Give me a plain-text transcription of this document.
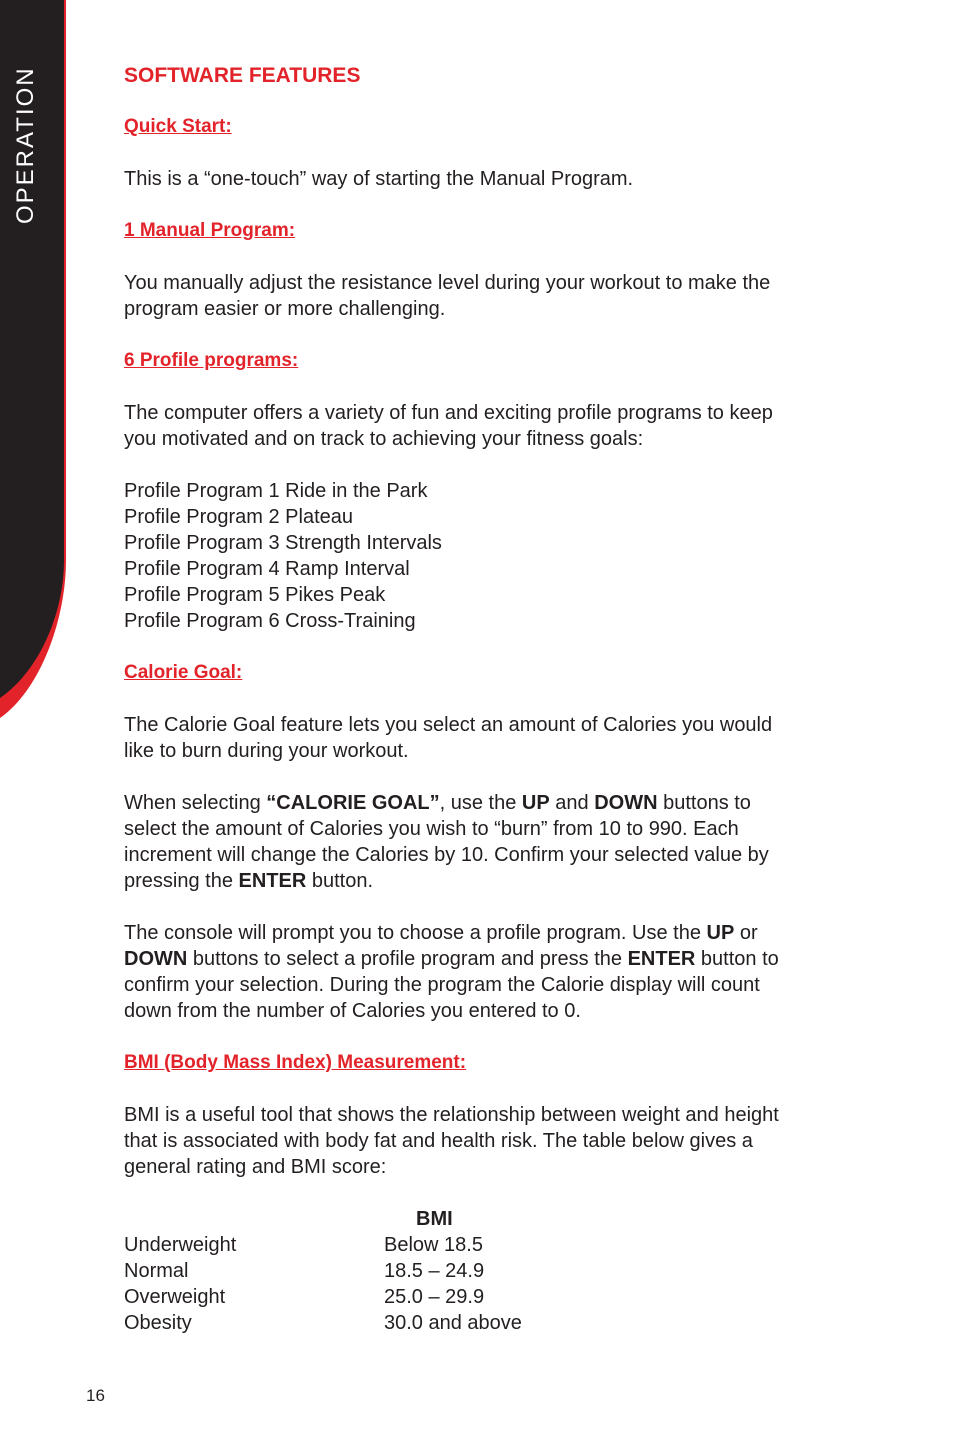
OPERATION	SOFTWARE FEATURES

Quick Start:

This is a “one-touch” way of starting the Manual Program.

1 Manual Program:

You manually adjust the resistance level during your workout to make the
program easier or more challenging.

6 Profile programs:

The computer offers a variety of fun and exciting profile programs to keep
you motivated and on track to achieving your fitness goals:

Profile Program 1 Ride in the Park
Profile Program 2 Plateau
Profile Program 3 Strength Intervals
Profile Program 4 Ramp Interval
Profile Program 5 Pikes Peak
Profile Program 6 Cross-Training

Calorie Goal:

The Calorie Goal feature lets you select an amount of Calories you would
like to burn during your workout.

When selecting “CALORIE GOAL”, use the UP and DOWN buttons to
select the amount of Calories you wish to “burn” from 10 to 990. Each
increment will change the Calories by 10. Confirm your selected value by
pressing the ENTER button.

The console will prompt you to choose a profile program. Use the UP or
DOWN buttons to select a profile program and press the ENTER button to
confirm your selection. During the program the Calorie display will count
down from the number of Calories you entered to 0.

BMI (Body Mass Index) Measurement:

BMI is a useful tool that shows the relationship between weight and height
that is associated with body fat and health risk. The table below gives a
general rating and BMI score:

	BMI
Underweight	Below 18.5
Normal	18.5 – 24.9
Overweight	25.0 – 29.9
Obesity	30.0 and above
16
